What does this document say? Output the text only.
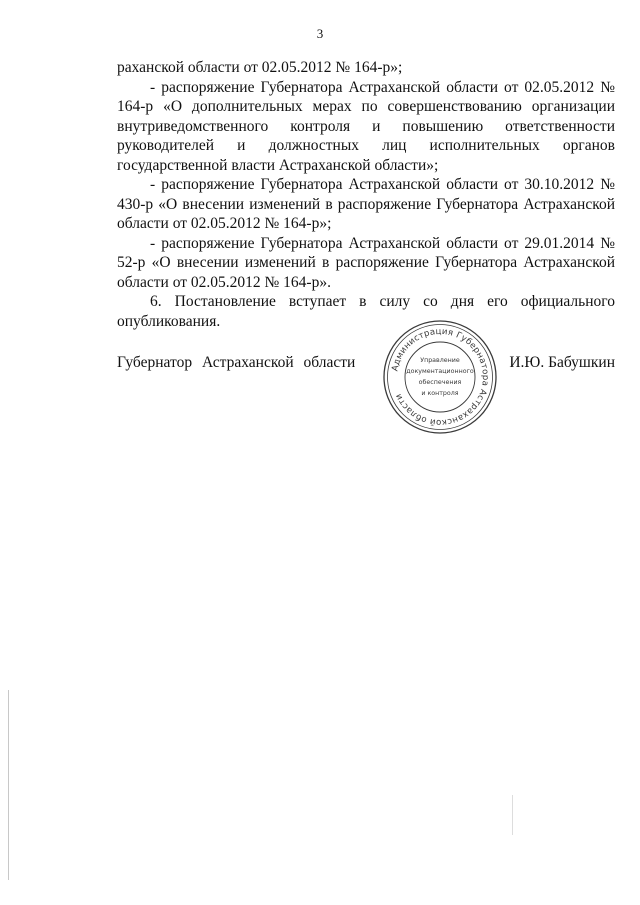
3

раханской области от 02.05.2012 № 164-р»;

- распоряжение Губернатора Астраханской области от 02.05.2012 № 164-р «О дополнительных мерах по совершенствованию организации внутриведомственного контроля и повышению ответственности руководителей и должностных лиц исполнительных органов государственной власти Астраханской области»;

- распоряжение Губернатора Астраханской области от 30.10.2012 № 430-р «О внесении изменений в распоряжение Губернатора Астраханской области от 02.05.2012 № 164-р»;

- распоряжение Губернатора Астраханской области от 29.01.2014 № 52-р «О внесении изменений в распоряжение Губернатора Астраханской области от 02.05.2012 № 164-р».

6. Постановление вступает в силу со дня его официального опубликования.

Губернатор Астраханской области	И.Ю. Бабушкин
Администрация Губернатора Астраханской области
Управление
документационного
обеспечения
и контроля
